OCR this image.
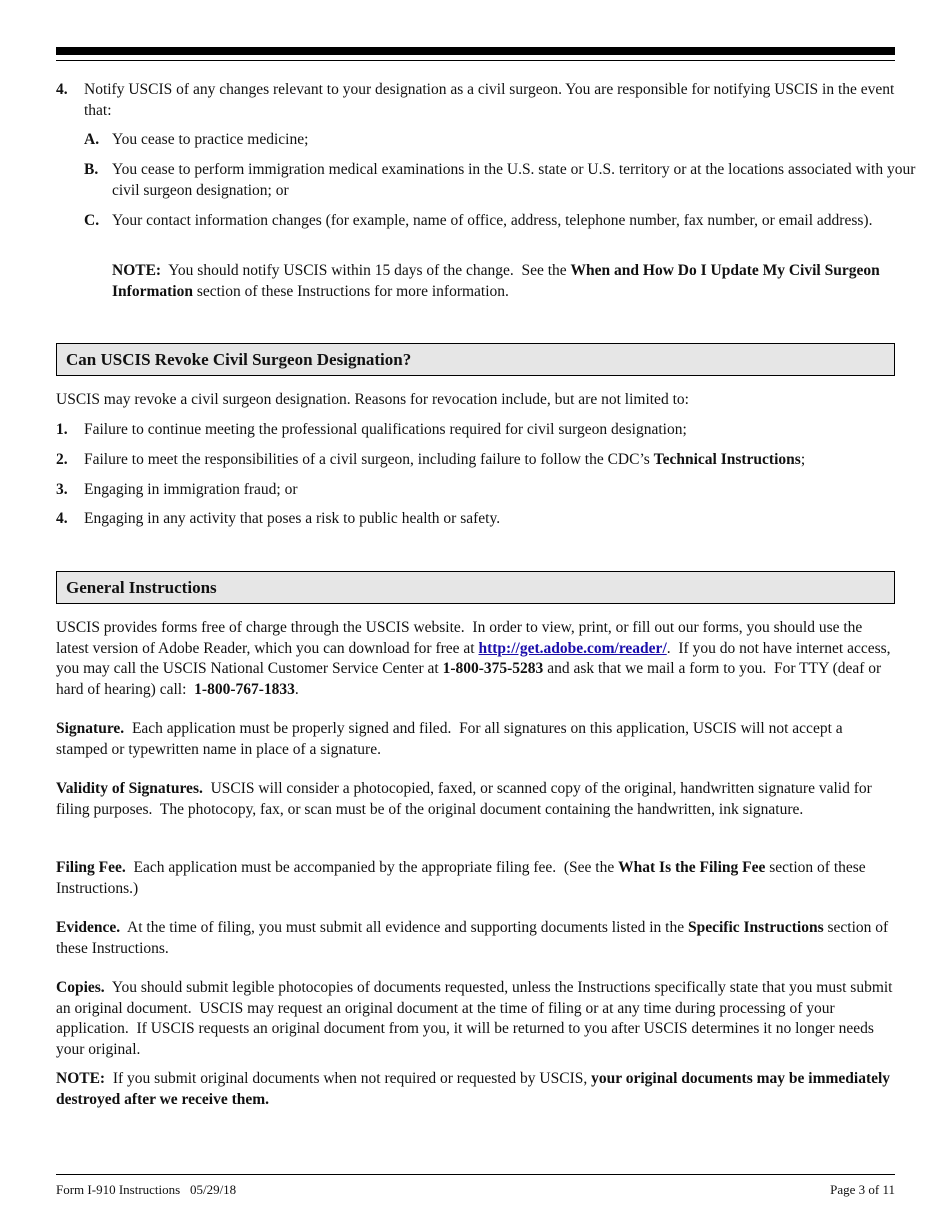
4.	Notify USCIS of any changes relevant to your designation as a civil surgeon. You are responsible for notifying USCIS in the event that:
A. You cease to practice medicine;
B. You cease to perform immigration medical examinations in the U.S. state or U.S. territory or at the locations associated with your civil surgeon designation; or
C. Your contact information changes (for example, name of office, address, telephone number, fax number, or email address).
NOTE:  You should notify USCIS within 15 days of the change.  See the When and How Do I Update My Civil Surgeon Information section of these Instructions for more information.
Can USCIS Revoke Civil Surgeon Designation?
USCIS may revoke a civil surgeon designation. Reasons for revocation include, but are not limited to:
1.	Failure to continue meeting the professional qualifications required for civil surgeon designation;
2.	Failure to meet the responsibilities of a civil surgeon, including failure to follow the CDC’s Technical Instructions;
3.	Engaging in immigration fraud; or
4.	Engaging in any activity that poses a risk to public health or safety.
General Instructions
USCIS provides forms free of charge through the USCIS website.  In order to view, print, or fill out our forms, you should use the latest version of Adobe Reader, which you can download for free at http://get.adobe.com/reader/.  If you do not have internet access, you may call the USCIS National Customer Service Center at 1-800-375-5283 and ask that we mail a form to you.  For TTY (deaf or hard of hearing) call:  1-800-767-1833.
Signature.  Each application must be properly signed and filed.  For all signatures on this application, USCIS will not accept a stamped or typewritten name in place of a signature.
Validity of Signatures.  USCIS will consider a photocopied, faxed, or scanned copy of the original, handwritten signature valid for filing purposes.  The photocopy, fax, or scan must be of the original document containing the handwritten, ink signature.
Filing Fee.  Each application must be accompanied by the appropriate filing fee.  (See the What Is the Filing Fee section of these Instructions.)
Evidence.  At the time of filing, you must submit all evidence and supporting documents listed in the Specific Instructions section of these Instructions.
Copies.  You should submit legible photocopies of documents requested, unless the Instructions specifically state that you must submit an original document.  USCIS may request an original document at the time of filing or at any time during processing of your application.  If USCIS requests an original document from you, it will be returned to you after USCIS determines it no longer needs your original.
NOTE:  If you submit original documents when not required or requested by USCIS, your original documents may be immediately destroyed after we receive them.
Form I-910 Instructions   05/29/18	Page 3 of 11
